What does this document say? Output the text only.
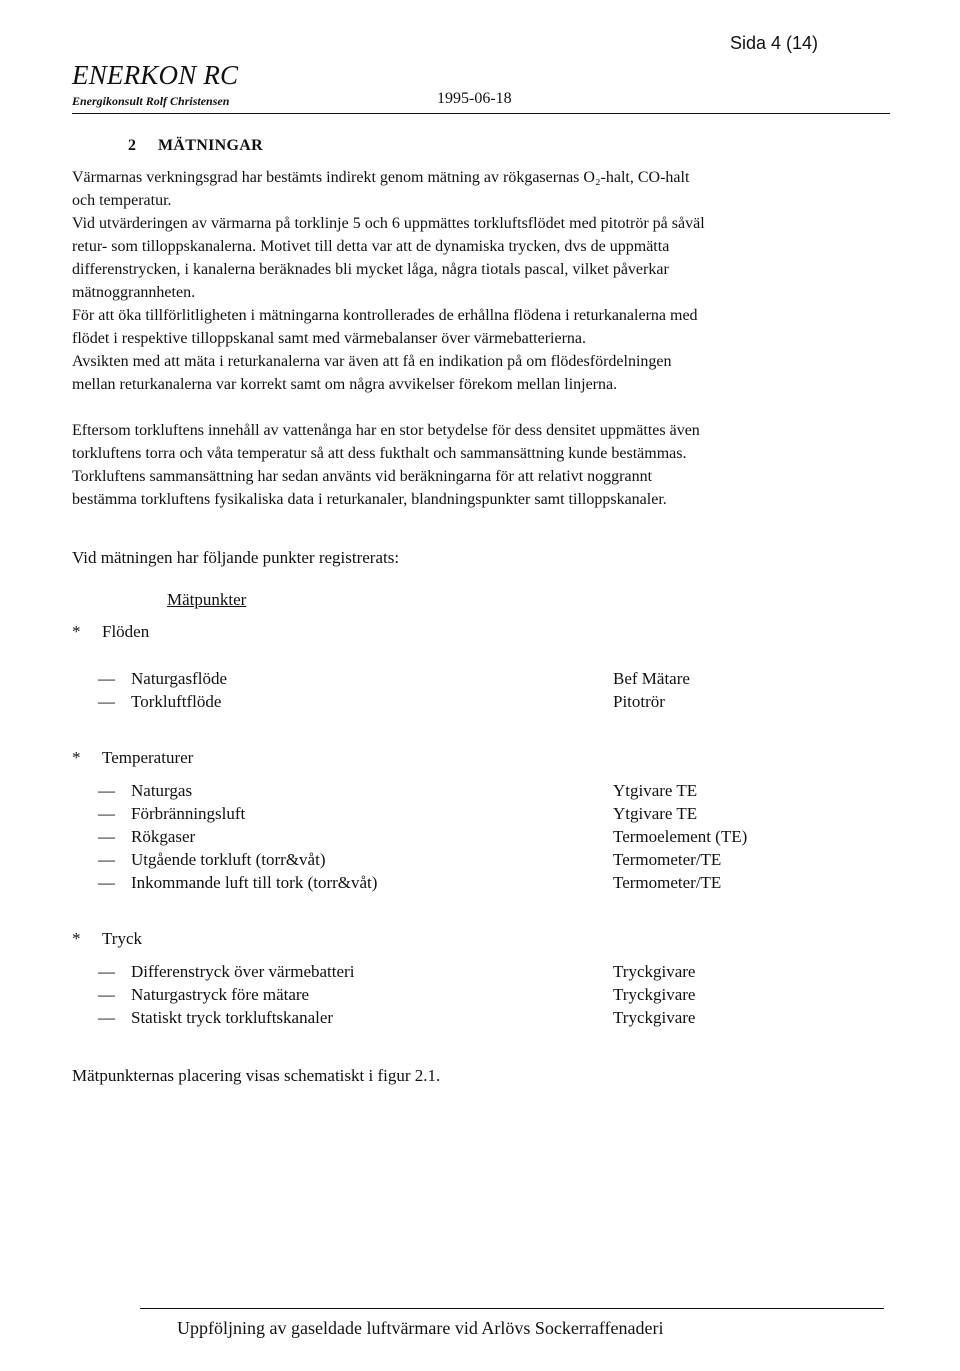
Sida 4 (14)
ENERKON RC
Energikonsult Rolf Christensen	1995-06-18
2 MÄTNINGAR
Värmarnas verkningsgrad har bestämts indirekt genom mätning av rökgasernas O₂-halt, CO-halt
och temperatur.
Vid utvärderingen av värmarna på torklinje 5 och 6 uppmättes torkluftsflödet med pitotrör på såväl
retur- som tilloppskanalerna. Motivet till detta var att de dynamiska trycken, dvs de uppmätta
differenstrycken, i kanalerna beräknades bli mycket låga, några tiotals pascal, vilket påverkar
mätnoggrannheten.
För att öka tillförlitligheten i mätningarna kontrollerades de erhållna flödena i returkanalerna med
flödet i respektive tilloppskanal samt med värmebalanser över värmebatterierna.
Avsikten med att mäta i returkanalerna var även att få en indikation på om flödesfördelningen
mellan returkanalerna var korrekt samt om några avvikelser förekom mellan linjerna.
Eftersom torkluftens innehåll av vattenånga har en stor betydelse för dess densitet uppmättes även
torkluftens torra och våta temperatur så att dess fukthalt och sammansättning kunde bestämmas.
Torkluftens sammansättning har sedan använts vid beräkningarna för att relativt noggrannt
bestämma torkluftens fysikaliska data i returkanaler, blandningspunkter samt tilloppskanaler.
Vid mätningen har följande punkter registrerats:
Mätpunkter
* Flöden
— Naturgasflöde	Bef Mätare
— Torkluftflöde	Pitotrör
* Temperaturer
— Naturgas	Ytgivare TE
— Förbränningsluft	Ytgivare TE
— Rökgaser	Termoelement (TE)
— Utgående torkluft (torr&våt)	Termometer/TE
— Inkommande luft till tork (torr&våt)	Termometer/TE
* Tryck
— Differenstryck över värmebatteri	Tryckgivare
— Naturgastryck före mätare	Tryckgivare
— Statiskt tryck torkluftskanaler	Tryckgivare
Mätpunkternas placering visas schematiskt i figur 2.1.
Uppföljning av gaseldade luftvärmare vid Arlövs Sockerraffenaderi
